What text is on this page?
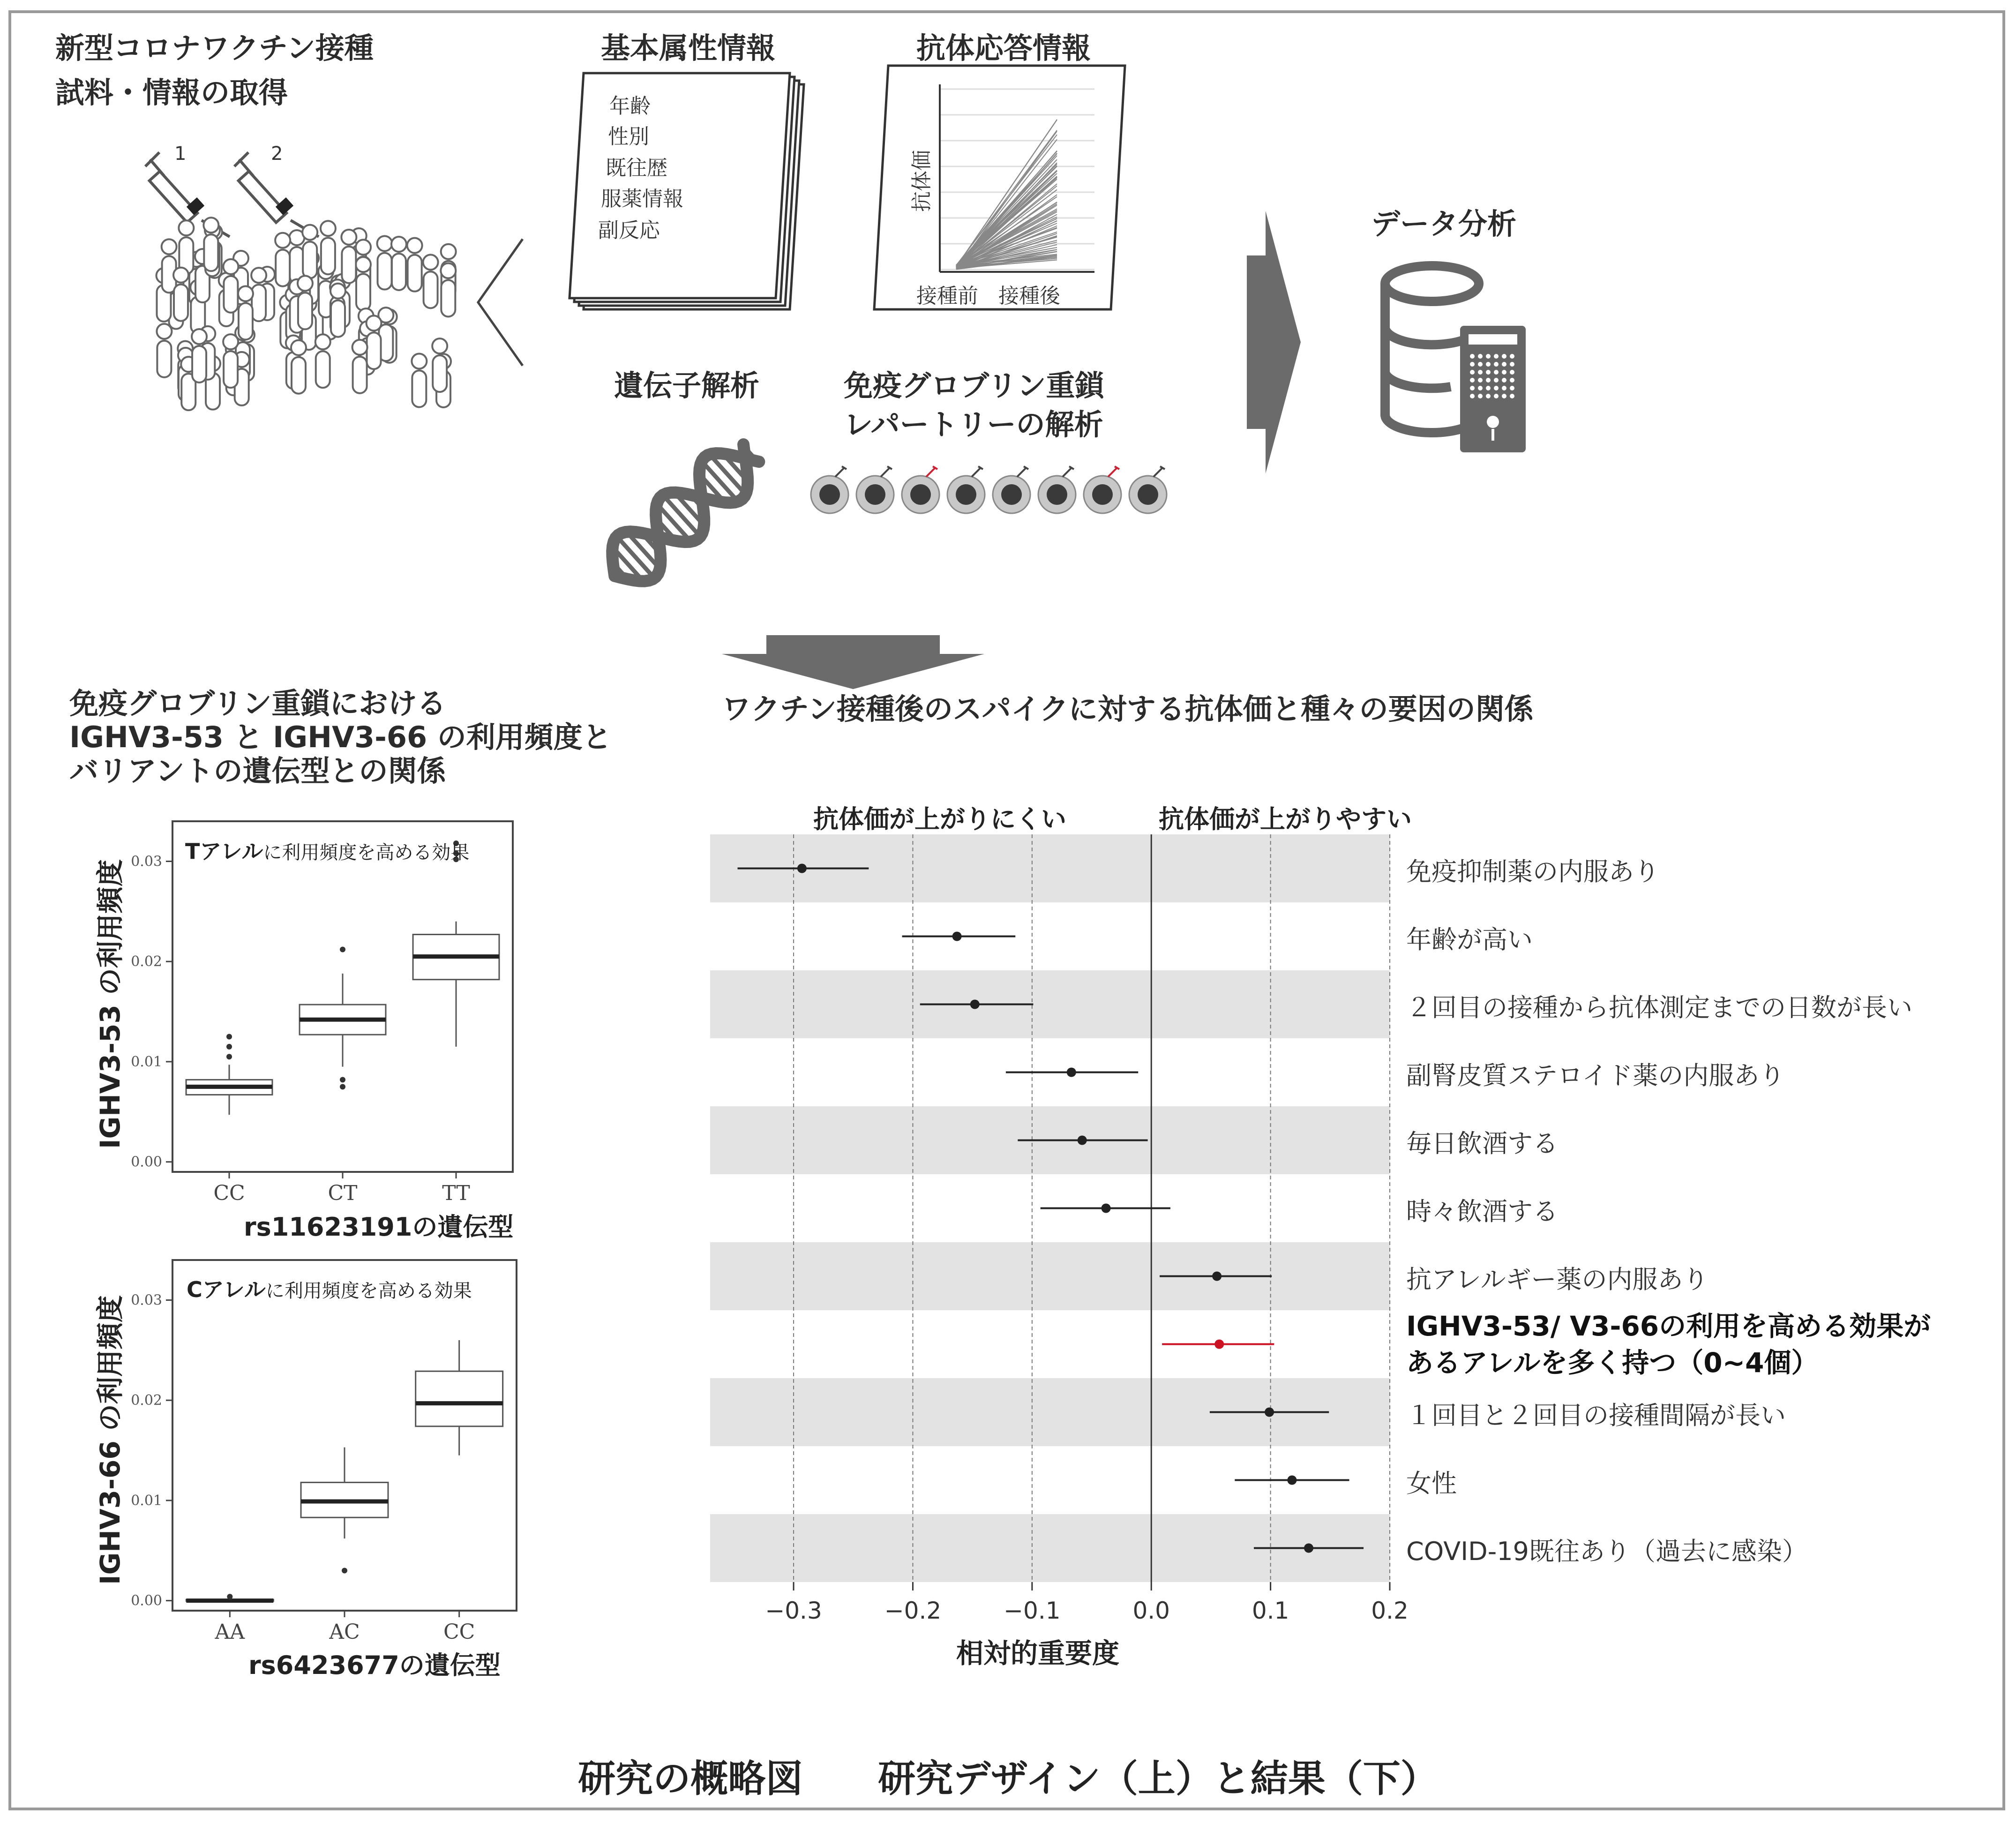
新型コロナワクチン接種
試料・情報の取得
1	2
基本属性情報
年齢
性別
既往歴
服薬情報
副反応
抗体応答情報
抗体価
接種前 接種後
遺伝子解析	免疫グロブリン重鎖
レパートリーの解析
データ分析
免疫グロブリン重鎖における
IGHV3-53 と IGHV3-66 の利用頻度と
バリアントの遺伝型との関係
0.00
0.01
0.02
0.03
CC	CT	TT
0.00
0.01
0.02
0.03
AA	AC	CC
Tアレルに利用頻度を高める効果
IGHV3-53 の利用頻度
rs11623191の遺伝型
Cアレルに利用頻度を高める効果
IGHV3-66 の利用頻度
rs6423677の遺伝型
ワクチン接種後のスパイクに対する抗体価と種々の要因の関係
抗体価が上がりにくい	抗体価が上がりやすい
−0.3	−0.2	−0.1	0.0	0.1	0.2
免疫抑制薬の内服あり
年齢が高い
２回目の接種から抗体測定までの日数が長い
副腎皮質ステロイド薬の内服あり
毎日飲酒する
時々飲酒する
抗アレルギー薬の内服あり
IGHV3-53/ V3-66の利用を高める効果が
あるアレルを多く持つ（0~4個）
１回目と２回目の接種間隔が長い
女性
COVID-19既往あり（過去に感染）
相対的重要度
研究の概略図　　研究デザイン（上）と結果（下）
